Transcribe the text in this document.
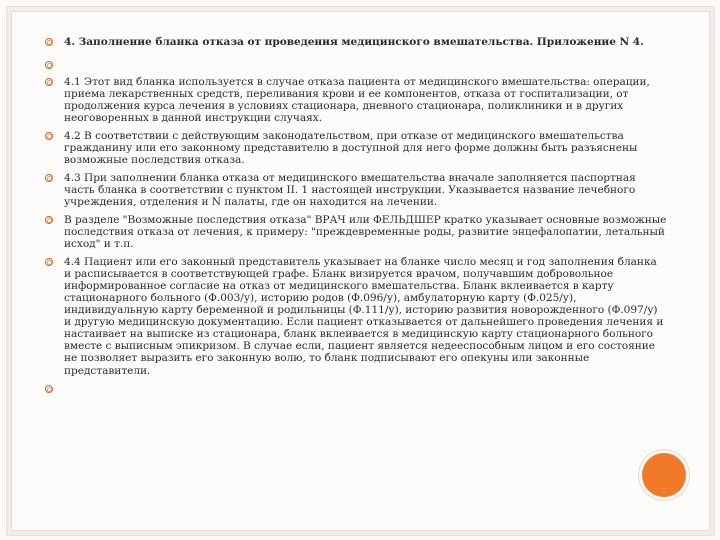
4. Заполнение бланка отказа от проведения медицинского вмешательства. Приложение N 4.
4.1 Этот вид бланка используется в случае отказа пациента от медицинского вмешательства: операции, приема лекарственных средств, переливания крови и ее компонентов, отказа от госпитализации, от продолжения курса лечения в условиях стационара, дневного стационара, поликлиники и в других неоговоренных в данной инструкции случаях.
4.2 В соответствии с действующим законодательством, при отказе от медицинского вмешательства гражданину или его законному представителю в доступной для него форме должны быть разъяснены возможные последствия отказа.
4.3 При заполнении бланка отказа от медицинского вмешательства вначале заполняется паспортная часть бланка в соответствии с пунктом II. 1 настоящей инструкции. Указывается название лечебного учреждения, отделения и N палаты, где он находится на лечении.
В разделе "Возможные последствия отказа" ВРАЧ или ФЕЛЬДШЕР кратко указывает основные возможные последствия отказа от лечения, к примеру: "преждевременные роды, развитие энцефалопатии, летальный исход" и т.п.
4.4 Пациент или его законный представитель указывает на бланке число месяц и год заполнения бланка и расписывается в соответствующей графе. Бланк визируется врачом, получавшим добровольное информированное согласие на отказ от медицинского вмешательства. Бланк вклеивается в карту стационарного больного (Ф.003/у), историю родов (Ф.096/у), амбулаторную карту (Ф.025/у), индивидуальную карту беременной и родильницы (Ф.111/у), историю развития новорожденного (Ф.097/у) и другую медицинскую документацию. Если пациент отказывается от дальнейшего проведения лечения и настаивает на выписке из стационара, бланк вклеивается в медицинскую карту стационарного больного вместе с выписным эпикризом. В случае если, пациент является недееспособным лицом и его состояние не позволяет выразить его законную волю, то бланк подписывают его опекуны или законные представители.
